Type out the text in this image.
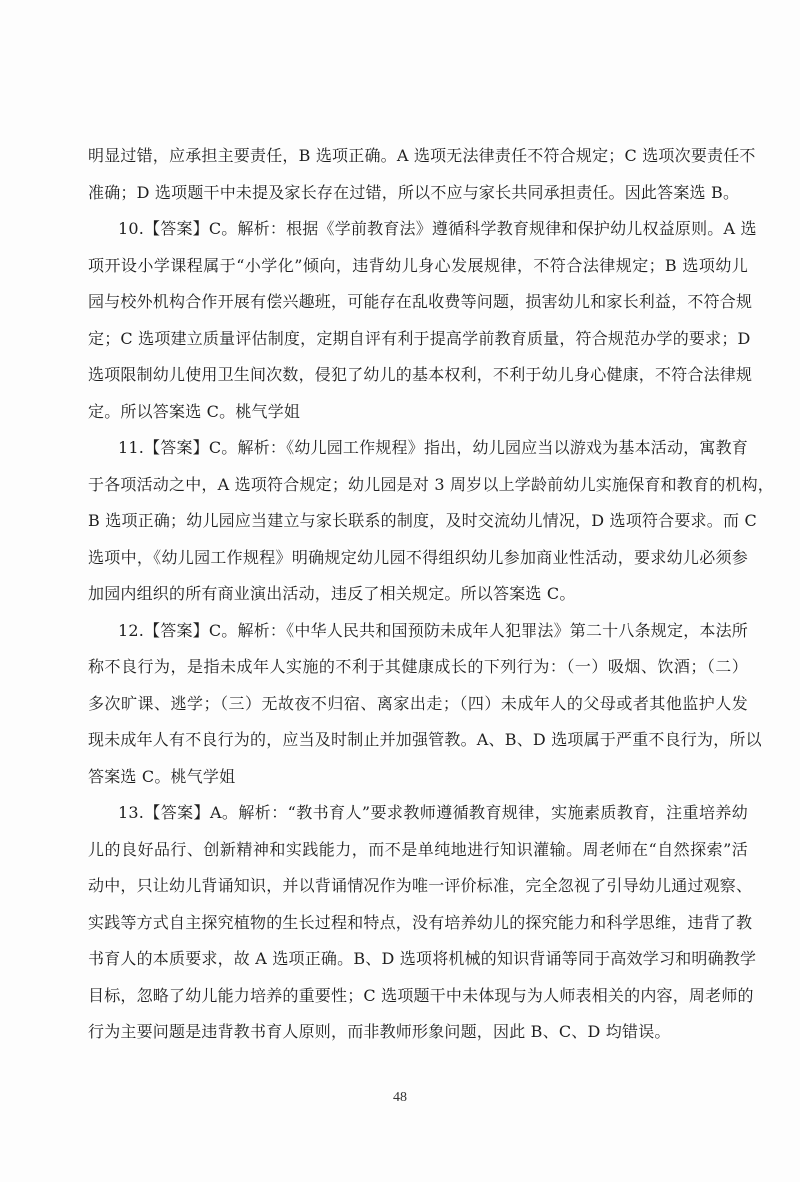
明显过错，应承担主要责任，B 选项正确。A 选项无法律责任不符合规定；C 选项次要责任不
准确；D 选项题干中未提及家长存在过错，所以不应与家长共同承担责任。因此答案选 B。
10.【答案】C。解析：根据《学前教育法》遵循科学教育规律和保护幼儿权益原则。A 选
项开设小学课程属于“小学化”倾向，违背幼儿身心发展规律，不符合法律规定；B 选项幼儿
园与校外机构合作开展有偿兴趣班，可能存在乱收费等问题，损害幼儿和家长利益，不符合规
定；C 选项建立质量评估制度，定期自评有利于提高学前教育质量，符合规范办学的要求；D
选项限制幼儿使用卫生间次数，侵犯了幼儿的基本权利，不利于幼儿身心健康，不符合法律规
定。所以答案选 C。桃气学姐
11.【答案】C。解析：《幼儿园工作规程》指出，幼儿园应当以游戏为基本活动，寓教育
于各项活动之中，A 选项符合规定；幼儿园是对 3 周岁以上学龄前幼儿实施保育和教育的机构，
B 选项正确；幼儿园应当建立与家长联系的制度，及时交流幼儿情况，D 选项符合要求。而 C
选项中，《幼儿园工作规程》明确规定幼儿园不得组织幼儿参加商业性活动，要求幼儿必须参
加园内组织的所有商业演出活动，违反了相关规定。所以答案选 C。
12.【答案】C。解析：《中华人民共和国预防未成年人犯罪法》第二十八条规定，本法所
称不良行为，是指未成年人实施的不利于其健康成长的下列行为：（一）吸烟、饮酒；（二）
多次旷课、逃学；（三）无故夜不归宿、离家出走；（四）未成年人的父母或者其他监护人发
现未成年人有不良行为的，应当及时制止并加强管教。A、B、D 选项属于严重不良行为，所以
答案选 C。桃气学姐
13.【答案】A。解析：“教书育人”要求教师遵循教育规律，实施素质教育，注重培养幼
儿的良好品行、创新精神和实践能力，而不是单纯地进行知识灌输。周老师在“自然探索”活
动中，只让幼儿背诵知识，并以背诵情况作为唯一评价标准，完全忽视了引导幼儿通过观察、
实践等方式自主探究植物的生长过程和特点，没有培养幼儿的探究能力和科学思维，违背了教
书育人的本质要求，故 A 选项正确。B、D 选项将机械的知识背诵等同于高效学习和明确教学
目标，忽略了幼儿能力培养的重要性；C 选项题干中未体现与为人师表相关的内容，周老师的
行为主要问题是违背教书育人原则，而非教师形象问题，因此 B、C、D 均错误。
48
